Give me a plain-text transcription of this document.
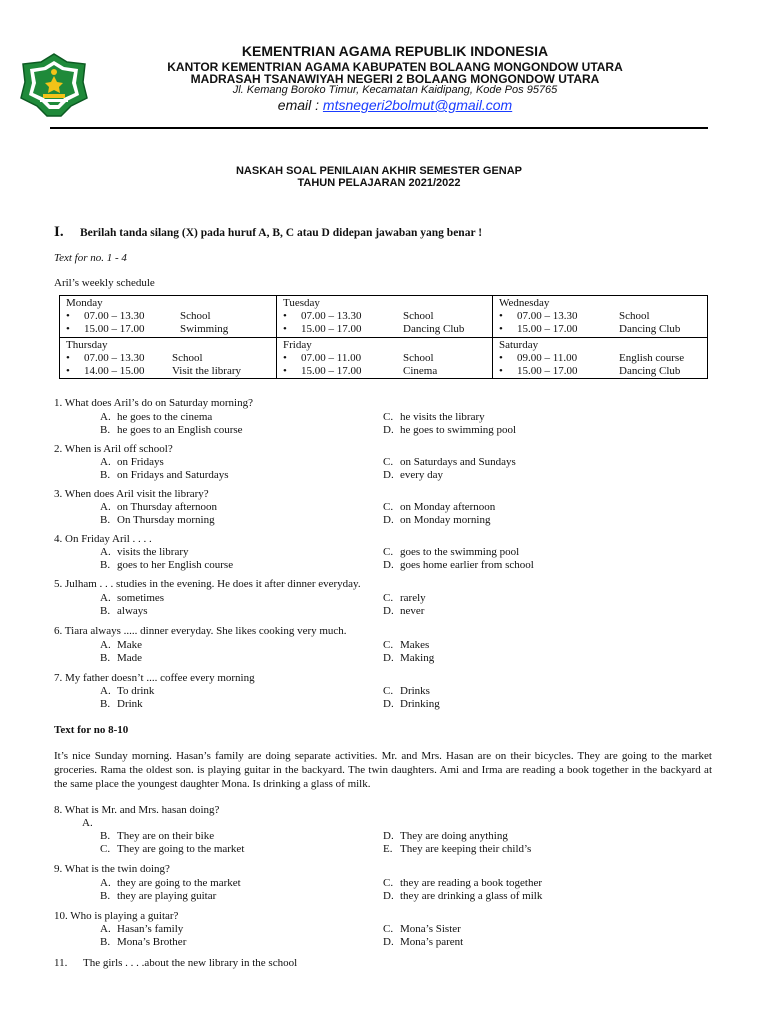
KEMENTRIAN AGAMA REPUBLIK INDONESIA
KANTOR KEMENTRIAN AGAMA KABUPATEN BOLAANG MONGONDOW UTARA
MADRASAH TSANAWIYAH NEGERI 2 BOLAANG MONGONDOW UTARA
Jl. Kemang Boroko Timur, Kecamatan Kaidipang, Kode Pos 95765
email : mtsnegeri2bolmut@gmail.com
NASKAH SOAL PENILAIAN AKHIR SEMESTER GENAP
TAHUN PELAJARAN 2021/2022
I. Berilah tanda silang (X) pada huruf A, B, C atau D didepan jawaban yang benar !
Text for no. 1 - 4
Aril’s weekly schedule
Monday
• 07.00 – 13.30	School
• 15.00 – 17.00	Swimming
Tuesday
• 07.00 – 13.30	School
• 15.00 – 17.00	Dancing Club
Wednesday
• 07.00 – 13.30	School
• 15.00 – 17.00	Dancing Club
Thursday
• 07.00 – 13.30	School
• 14.00 – 15.00	Visit the library
Friday
• 07.00 – 11.00	School
• 15.00 – 17.00	Cinema
Saturday
• 09.00 – 11.00	English course
• 15.00 – 17.00	Dancing Club
1. What does Aril’s do on Saturday morning?
A. he goes to the cinema	C. he visits the library
B. he goes to an English course	D. he goes to swimming pool
2. When is Aril off school?
A. on Fridays	C. on Saturdays and Sundays
B. on Fridays and Saturdays	D. every day
3. When does Aril visit the library?
A. on Thursday afternoon	C. on Monday afternoon
B. On Thursday morning	D. on Monday morning
4. On Friday Aril . . . .
A. visits the library	C. goes to the swimming pool
B. goes to her English course	D. goes home earlier from school
5. Julham . . . studies in the evening. He does it after dinner everyday.
A. sometimes	C. rarely
B. always	D. never
6. Tiara always ..... dinner everyday. She likes cooking very much.
A. Make	C. Makes
B. Made	D. Making
7. My father doesn’t .... coffee every morning
A. To drink	C. Drinks
B. Drink	D. Drinking
Text for no 8-10
It’s nice Sunday morning. Hasan’s family are doing separate activities. Mr. and Mrs. Hasan are on their bicycles. They are going to the market groceries. Rama the oldest son. is playing guitar in the backyard. The twin daughters. Ami and Irma are reading a book together in the backyard at the same place the youngest daughter Mona. Is drinking a glass of milk.
8. What is Mr. and Mrs. hasan doing?
A.
B. They are on their bike	D. They are doing anything
C. They are going to the market	E. They are keeping their child’s
9. What is the twin doing?
A. they are going to the market	C. they are reading a book together
B. they are playing guitar	D. they are drinking a glass of milk
10. Who is playing a guitar?
A. Hasan’s family	C. Mona’s Sister
B. Mona’s Brother	D. Mona’s parent
11. The girls . . . .about the new library in the school
